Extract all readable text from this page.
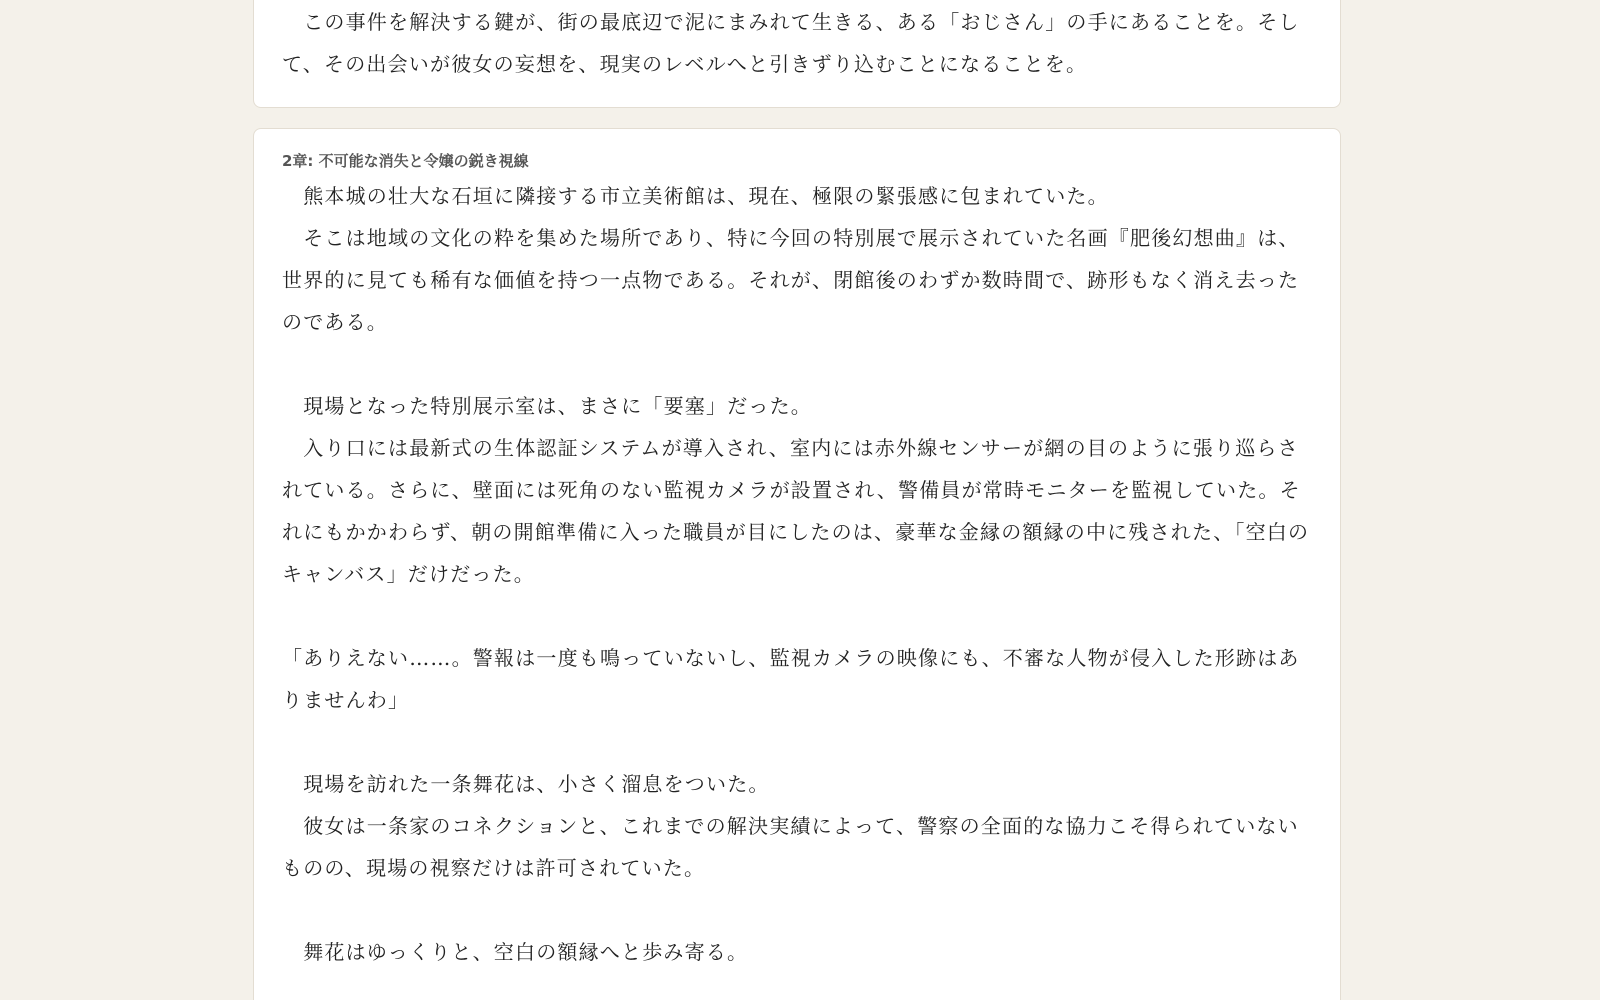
　この事件を解決する鍵が、街の最底辺で泥にまみれて生きる、ある「おじさん」の手にあることを。そして、その出会いが彼女の妄想を、現実のレベルへと引きずり込むことになることを。

2章: 不可能な消失と令嬢の鋭き視線

　熊本城の壮大な石垣に隣接する市立美術館は、現在、極限の緊張感に包まれていた。

　そこは地域の文化の粋を集めた場所であり、特に今回の特別展で展示されていた名画『肥後幻想曲』は、世界的に見ても稀有な価値を持つ一点物である。それが、閉館後のわずか数時間で、跡形もなく消え去ったのである。

　現場となった特別展示室は、まさに「要塞」だった。

　入り口には最新式の生体認証システムが導入され、室内には赤外線センサーが網の目のように張り巡らされている。さらに、壁面には死角のない監視カメラが設置され、警備員が常時モニターを監視していた。それにもかかわらず、朝の開館準備に入った職員が目にしたのは、豪華な金縁の額縁の中に残された、「空白のキャンバス」だけだった。

「ありえない……。警報は一度も鳴っていないし、監視カメラの映像にも、不審な人物が侵入した形跡はありませんわ」

　現場を訪れた一条舞花は、小さく溜息をついた。

　彼女は一条家のコネクションと、これまでの解決実績によって、警察の全面的な協力こそ得られていないものの、現場の視察だけは許可されていた。

　舞花はゆっくりと、空白の額縁へと歩み寄る。
